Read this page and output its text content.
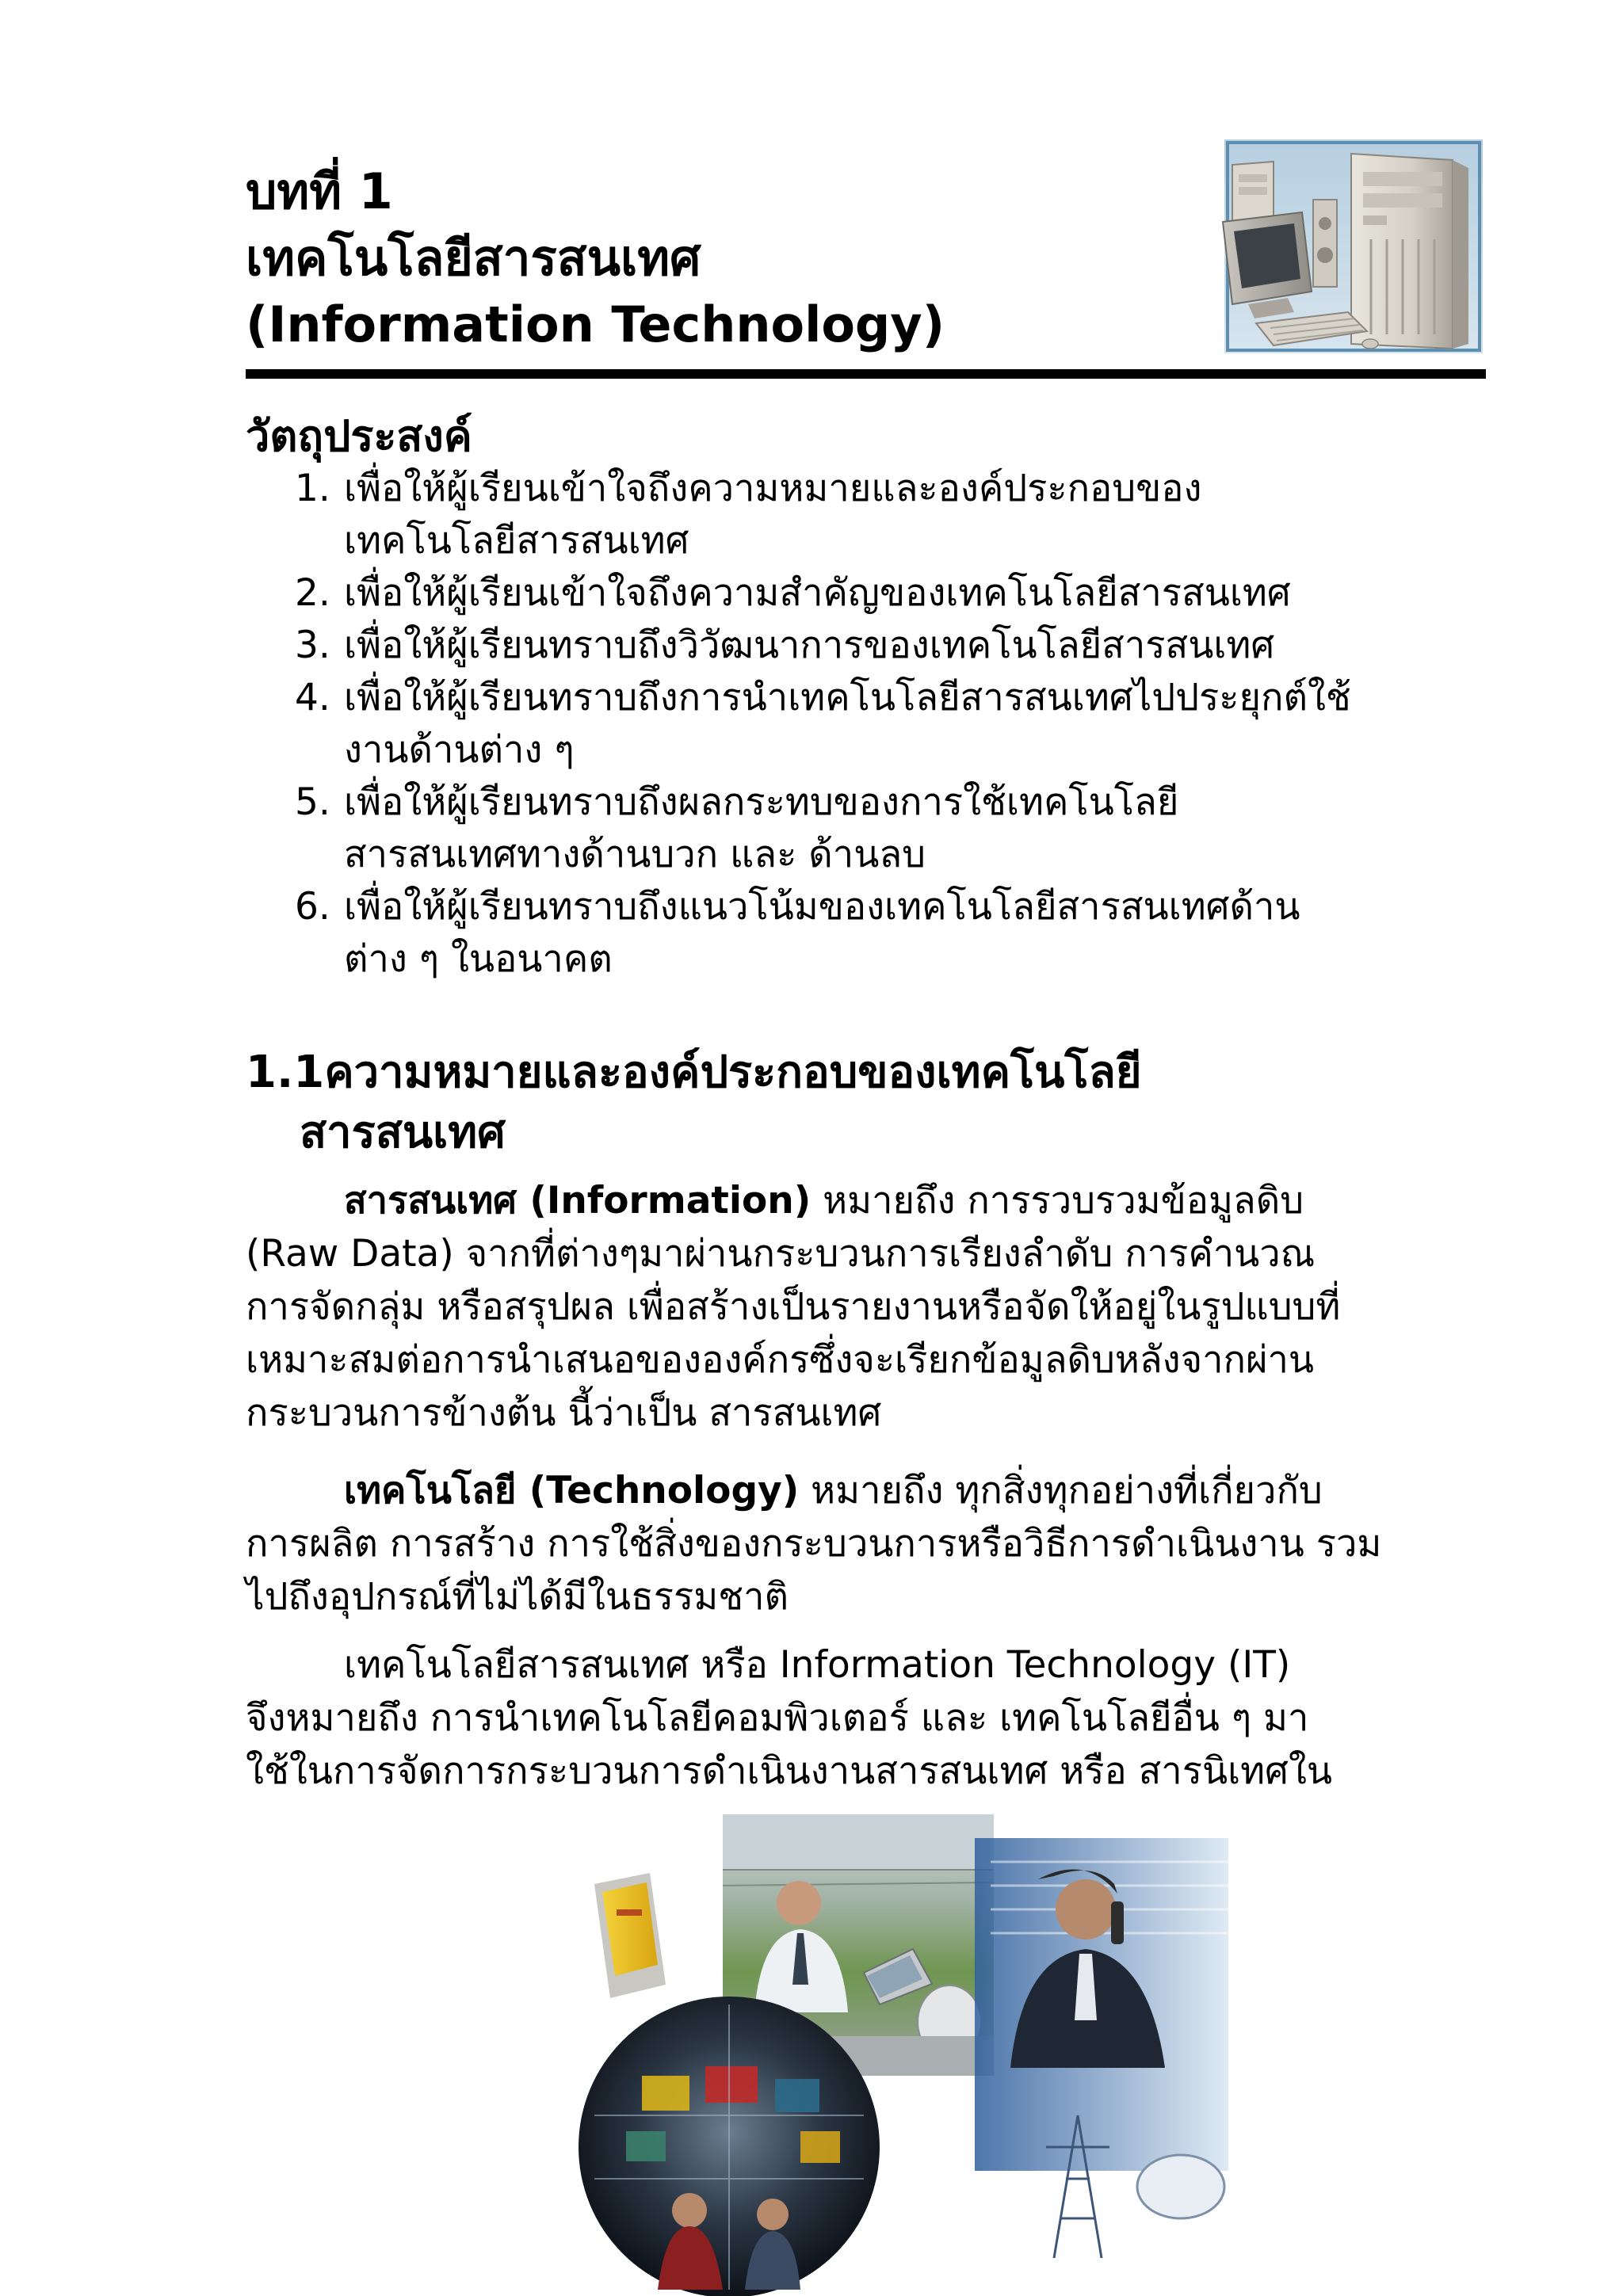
บทที่ 1
เทคโนโลยีสารสนเทศ
(Information Technology)
วัตถุประสงค์
1. เพื่อให้ผู้เรียนเข้าใจถึงความหมายและองค์ประกอบของ
เทคโนโลยีสารสนเทศ
2. เพื่อให้ผู้เรียนเข้าใจถึงความสำคัญของเทคโนโลยีสารสนเทศ
3. เพื่อให้ผู้เรียนทราบถึงวิวัฒนาการของเทคโนโลยีสารสนเทศ
4. เพื่อให้ผู้เรียนทราบถึงการนำเทคโนโลยีสารสนเทศไปประยุกต์ใช้
งานด้านต่าง ๆ
5. เพื่อให้ผู้เรียนทราบถึงผลกระทบของการใช้เทคโนโลยี
สารสนเทศทางด้านบวก และ ด้านลบ
6. เพื่อให้ผู้เรียนทราบถึงแนวโน้มของเทคโนโลยีสารสนเทศด้าน
ต่าง ๆ ในอนาคต
1.1ความหมายและองค์ประกอบของเทคโนโลยี
สารสนเทศ
สารสนเทศ (Information) หมายถึง การรวบรวมข้อมูลดิบ
(Raw Data) จากที่ต่างๆมาผ่านกระบวนการเรียงลำดับ การคำนวณ
การจัดกลุ่ม หรือสรุปผล เพื่อสร้างเป็นรายงานหรือจัดให้อยู่ในรูปแบบที่
เหมาะสมต่อการนำเสนอขององค์กรซึ่งจะเรียกข้อมูลดิบหลังจากผ่าน
กระบวนการข้างต้น นี้ว่าเป็น สารสนเทศ
เทคโนโลยี (Technology) หมายถึง ทุกสิ่งทุกอย่างที่เกี่ยวกับ
การผลิต การสร้าง การใช้สิ่งของกระบวนการหรือวิธีการดำเนินงาน รวม
ไปถึงอุปกรณ์ที่ไม่ได้มีในธรรมชาติ
เทคโนโลยีสารสนเทศ หรือ Information Technology (IT)
จึงหมายถึง การนำเทคโนโลยีคอมพิวเตอร์ และ เทคโนโลยีอื่น ๆ มา
ใช้ในการจัดการกระบวนการดำเนินงานสารสนเทศ หรือ สารนิเทศใน
